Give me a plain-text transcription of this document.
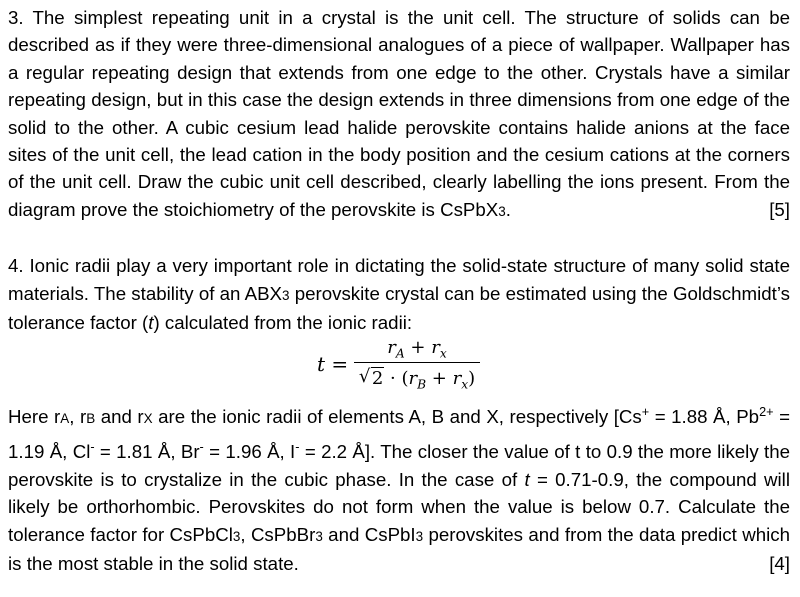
3. The simplest repeating unit in a crystal is the unit cell. The structure of solids can be described as if they were three-dimensional analogues of a piece of wallpaper. Wallpaper has a regular repeating design that extends from one edge to the other. Crystals have a similar repeating design, but in this case the design extends in three dimensions from one edge of the solid to the other. A cubic cesium lead halide perovskite contains halide anions at the face sites of the unit cell, the lead cation in the body position and the cesium cations at the corners of the unit cell. Draw the cubic unit cell described, clearly labelling the ions present. From the diagram prove the stoichiometry of the perovskite is CsPbX3.	[5]

4. Ionic radii play a very important role in dictating the solid-state structure of many solid state materials. The stability of an ABX3 perovskite crystal can be estimated using the Goldschmidt’s tolerance factor (t) calculated from the ionic radii:

t =
$r_A + r_x$
√ $2 \cdot (r_B + r_x)$

Here rA, rB and rX are the ionic radii of elements A, B and X, respectively [Cs+ = 1.88 Å, $Pb^{2+} = 1.19$ Å, Cl- = 1.81 Å, Br- = 1.96 Å, I- = 2.2 Å]. The closer the value of t to 0.9 the more likely the perovskite is to crystalize in the cubic phase. In the case of t = 0.71-0.9, the compound will likely be orthorhombic. Perovskites do not form when the value is below 0.7. Calculate the tolerance factor for CsPbCl3, CsPbBr3 and CsPbI3 perovskites and from the data predict which is the most stable in the solid state.	[4]
